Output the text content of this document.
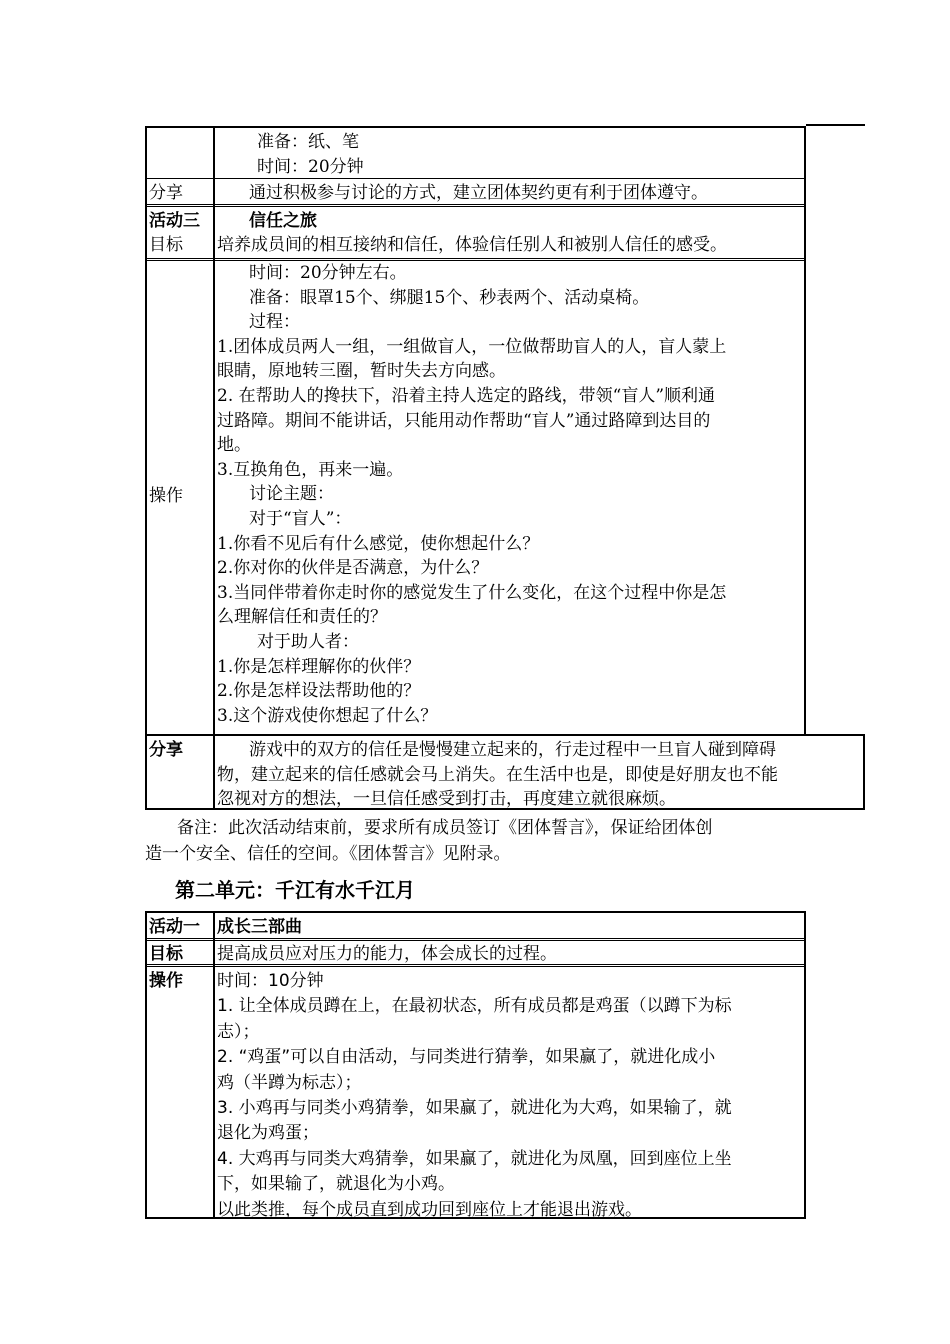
准备：纸、笔
时间：20分钟
分享	通过积极参与讨论的方式，建立团体契约更有利于团体遵守。
活动三	信任之旅
目标 培养成员间的相互接纳和信任，体验信任别人和被别人信任的感受。
操作
时间：20分钟左右。
准备：眼罩15个、绑腿15个、秒表两个、活动桌椅。
过程：
1.团体成员两人一组，一组做盲人，一位做帮助盲人的人，盲人蒙上
眼睛，原地转三圈，暂时失去方向感。
2. 在帮助人的搀扶下，沿着主持人选定的路线，带领“盲人”顺利通
过路障。期间不能讲话，只能用动作帮助“盲人”通过路障到达目的
地。
3.互换角色，再来一遍。
讨论主题：
对于“盲人”：
1.你看不见后有什么感觉，使你想起什么？
2.你对你的伙伴是否满意，为什么？
3.当同伴带着你走时你的感觉发生了什么变化，在这个过程中你是怎
么理解信任和责任的？
对于助人者：
1.你是怎样理解你的伙伴？
2.你是怎样设法帮助他的？
3.这个游戏使你想起了什么？
分享	游戏中的双方的信任是慢慢建立起来的，行走过程中一旦盲人碰到障碍
物，建立起来的信任感就会马上消失。在生活中也是，即使是好朋友也不能
忽视对方的想法，一旦信任感受到打击，再度建立就很麻烦。
备注：此次活动结束前，要求所有成员签订《团体誓言》，保证给团体创
造一个安全、信任的空间。《团体誓言》见附录。
第二单元：千江有水千江月
活动一 成长三部曲
目标 提高成员应对压力的能力，体会成长的过程。
操作 时间：10分钟
1. 让全体成员蹲在上，在最初状态，所有成员都是鸡蛋（以蹲下为标
志）；
2. “鸡蛋”可以自由活动，与同类进行猜拳，如果赢了，就进化成小
鸡（半蹲为标志）；
3. 小鸡再与同类小鸡猜拳，如果赢了，就进化为大鸡，如果输了，就
退化为鸡蛋；
4. 大鸡再与同类大鸡猜拳，如果赢了，就进化为凤凰，回到座位上坐
下，如果输了，就退化为小鸡。
以此类推，每个成员直到成功回到座位上才能退出游戏。
